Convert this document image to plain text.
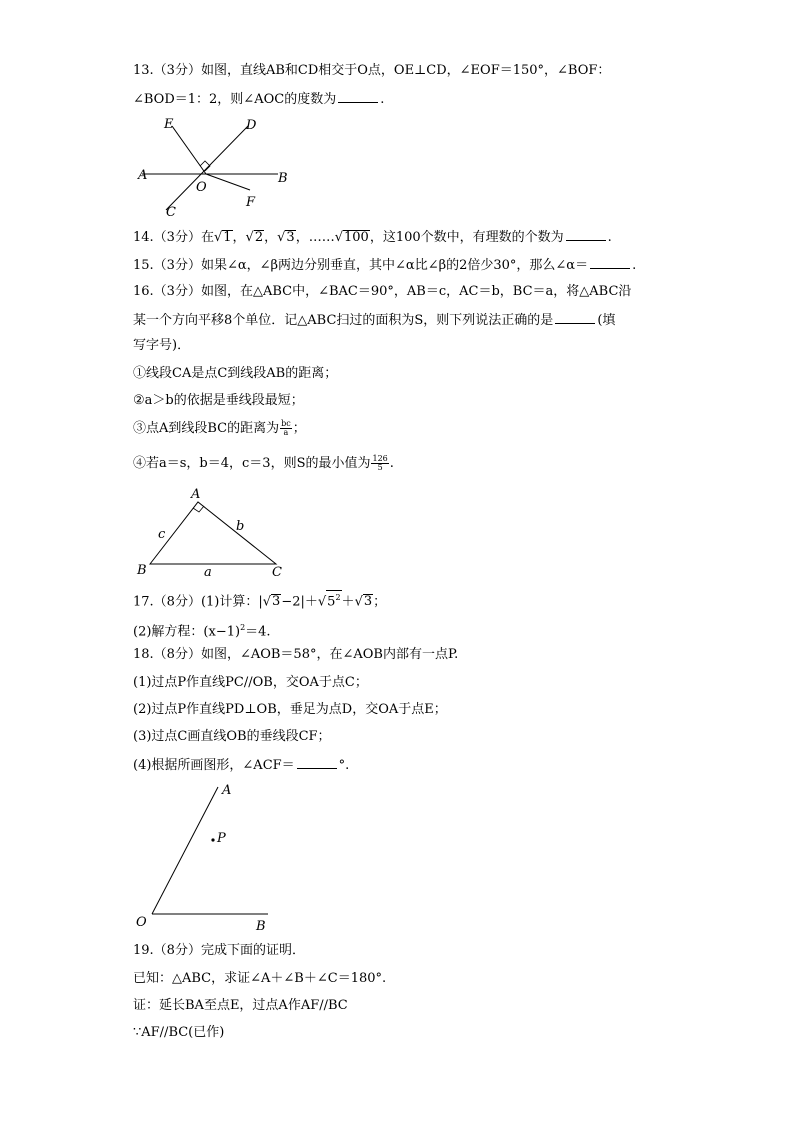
13.（3分）如图，直线AB和CD相交于O点，OE⊥CD，∠EOF＝150°，∠BOF：
∠BOD＝1：2，则∠AOC的度数为	.
E	D
A
O
B
C
F
14.（3分）在√1，√2，√3，……√100，这100个数中，有理数的个数为	.
15.（3分）如果∠α，∠β两边分别垂直，其中∠α比∠β的2倍少30°，那么∠α＝	.
16.（3分）如图，在△ABC中，∠BAC＝90°，AB＝c，AC＝b，BC＝a，将△ABC沿
某一个方向平移8个单位．记△ABC扫过的面积为S，则下列说法正确的是	(填
写字号)．
①线段CA是点C到线段AB的距离；
②a＞b的依据是垂线段最短；
③点A到线段BC的距离为 $\frac{bc}{a}$ ；
④若a＝s，b＝4，c＝3，则S的最小值为 $\frac{126}{5}$ .
A
B	C
c
b
a
17.（8分）(1)计算：$|√3-2|+√5^2+√3$；
(2)解方程：$(x-1)^2=4$.
18.（8分）如图，∠AOB＝58°，在∠AOB内部有一点P.
(1)过点P作直线PC//OB，交OA于点C；
(2)过点P作直线PD⊥OB，垂足为点D，交OA于点E；
(3)过点C画直线OB的垂线段CF；
(4)根据所画图形，∠ACF＝	°.
A
P
O	B
19.（8分）完成下面的证明．
已知：△ABC，求证∠A＋∠B＋∠C＝180°.
证：延长BA至点E，过点A作AF//BC
∵AF//BC(已作)
